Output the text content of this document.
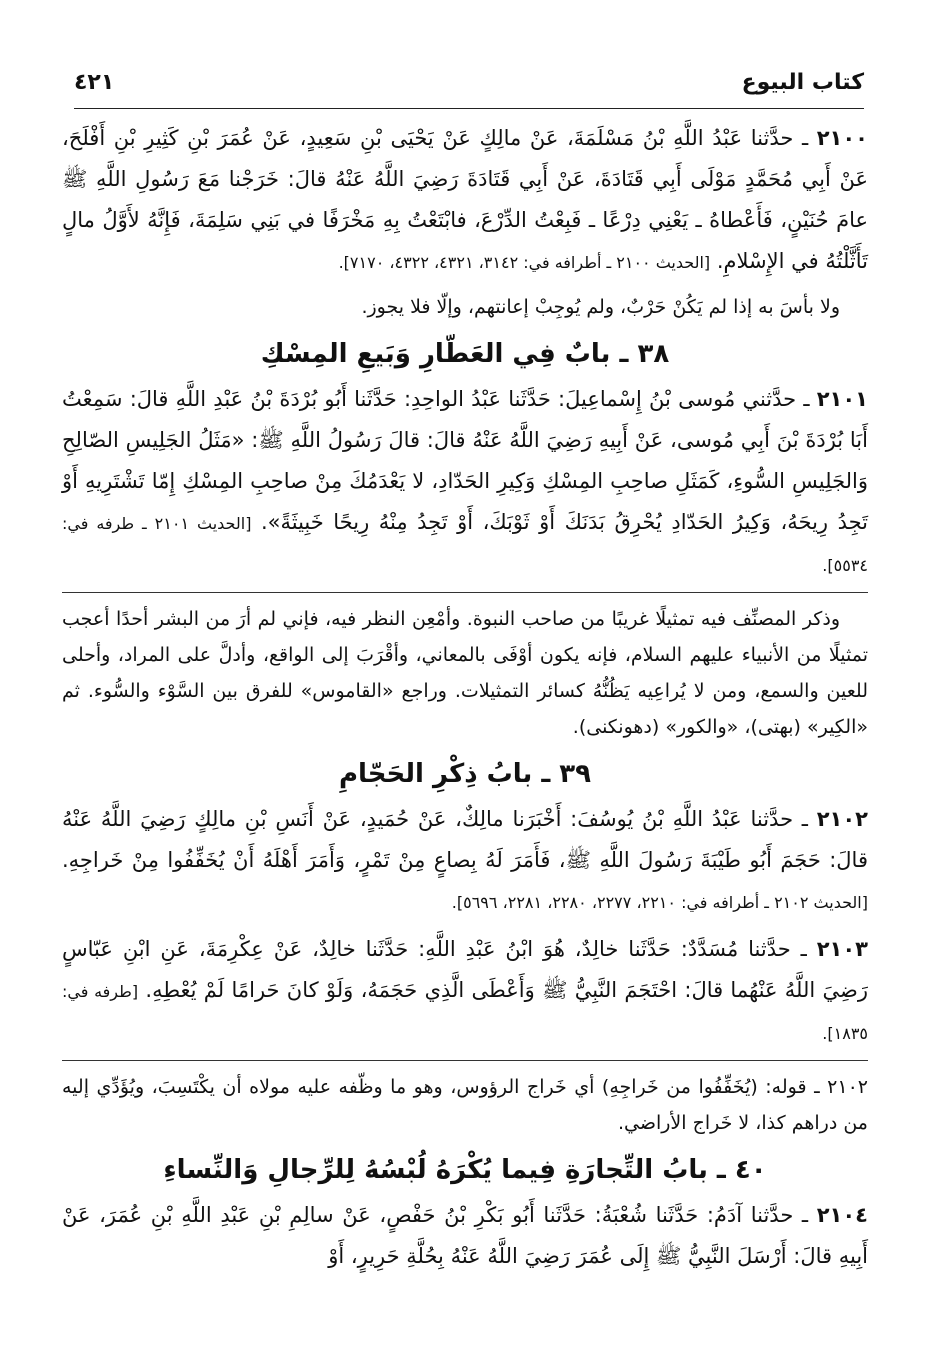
كتاب البيوع
٤٢١

٢١٠٠ ـ حدَّثنا عَبْدُ اللَّهِ بْنُ مَسْلَمَةَ، عَنْ مالِكٍ عَنْ يَحْيَى بْنِ سَعِيدٍ، عَنْ عُمَرَ بْنِ كَثِيرِ بْنِ أَفْلَحَ، عَنْ أَبِي مُحَمَّدٍ مَوْلَى أَبِي قَتَادَةَ، عَنْ أَبِي قَتَادَةَ رَضِيَ اللَّهُ عَنْهُ قالَ: خَرَجْنا مَعَ رَسُولِ اللَّهِ ﷺ عامَ حُنَيْنٍ، فَأَعْطاهُ ـ يَعْنِي دِرْعًا ـ فَبِعْتُ الدِّرْعَ، فابْتَعْتُ بِهِ مَخْرَفًا في بَنِي سَلِمَةَ، فَإِنَّهُ لأَوَّلُ مالٍ تَأَثَّلْتُهُ في الإِسْلامِ. [الحديث ٢١٠٠ ـ أطرافه في: ٣١٤٢، ٤٣٢١، ٤٣٢٢، ٧١٧٠].

ولا بأسَ به إذا لم يَكُنْ حَرْبٌ، ولم يُوجِبْ إعانتهم، وإلّا فلا يجوز.

٣٨ ـ بابٌ فِي العَطّارِ وَبَيعِ المِسْكِ

٢١٠١ ـ حدَّثني مُوسى بْنُ إِسْماعِيلَ: حَدَّثَنا عَبْدُ الواحِدِ: حَدَّثَنا أَبُو بُرْدَةَ بْنُ عَبْدِ اللَّهِ قالَ: سَمِعْتُ أَبَا بُرْدَةَ بْنَ أَبِي مُوسى، عَنْ أَبِيهِ رَضِيَ اللَّهُ عَنْهُ قالَ: قالَ رَسُولُ اللَّهِ ﷺ: «مَثَلُ الجَلِيسِ الصّالِحِ وَالجَلِيسِ السُّوءِ، كَمَثَلِ صاحِبِ المِسْكِ وَكِيرِ الحَدّادِ، لا يَعْدَمُكَ مِنْ صاحِبِ المِسْكِ إِمّا تَشْتَرِيهِ أَوْ تَجِدُ رِيحَهُ، وَكِيرُ الحَدّادِ يُحْرِقُ بَدَنَكَ أَوْ ثَوْبَكَ، أَوْ تَجِدُ مِنْهُ رِيحًا خَبِيثَةً». [الحديث ٢١٠١ ـ طرفه في: ٥٥٣٤].

وذكر المصنِّف فيه تمثيلًا غريبًا من صاحب النبوة. وأمْعِن النظر فيه، فإني لم أرَ من البشر أحدًا أعجب تمثيلًا من الأنبياء عليهم السلام، فإنه يكون أوْفَى بالمعاني، وأقْرَبَ إلى الواقع، وأدلَّ على المراد، وأحلى للعين والسمع، ومن لا يُراعِيه يَظُنُّهُ كسائر التمثيلات. وراجع «القاموس» للفرق بين السَّوْء والسُّوء. ثم «الكِير» (بهتى)، «والكور» (دهونكنى).

٣٩ ـ بابُ ذِكْرِ الحَجّامِ

٢١٠٢ ـ حدَّثنا عَبْدُ اللَّهِ بْنُ يُوسُفَ: أَخْبَرَنا مالِكٌ، عَنْ حُمَيدٍ، عَنْ أَنَسِ بْنِ مالِكٍ رَضِيَ اللَّهُ عَنْهُ قالَ: حَجَمَ أَبُو طَيْبَةَ رَسُولَ اللَّهِ ﷺ، فَأَمَرَ لَهُ بِصاعٍ مِنْ تَمْرٍ، وَأَمَرَ أَهْلَهُ أَنْ يُخَفِّفُوا مِنْ خَراجِهِ. [الحديث ٢١٠٢ ـ أطرافه في: ٢٢١٠، ٢٢٧٧، ٢٢٨٠، ٢٢٨١، ٥٦٩٦].

٢١٠٣ ـ حدَّثنا مُسَدَّدٌ: حَدَّثَنا خالِدٌ، هُوَ ابْنُ عَبْدِ اللَّهِ: حَدَّثَنا خالِدٌ، عَنْ عِكْرِمَةَ، عَنِ ابْنِ عَبّاسٍ رَضِيَ اللَّهُ عَنْهُما قالَ: احْتَجَمَ النَّبِيُّ ﷺ وَأَعْطَى الَّذِي حَجَمَهُ، وَلَوْ كانَ حَرامًا لَمْ يُعْطِهِ. [طرفه في: ١٨٣٥].

٢١٠٢ ـ قوله: (يُخَفِّفُوا من خَراجِهِ) أي خَراج الرؤوس، وهو ما وظّفه عليه مولاه أن يكْتَسِبَ، ويُؤَدِّي إليه من دراهم كذا، لا خَراج الأراضي.

٤٠ ـ بابُ التِّجارَةِ فِيما يُكْرَهُ لُبْسُهُ لِلرِّجالِ وَالنِّساءِ

٢١٠٤ ـ حدَّثنا آدَمُ: حَدَّثَنا شُعْبَةُ: حَدَّثَنا أَبُو بَكْرِ بْنُ حَفْصٍ، عَنْ سالِمِ بْنِ عَبْدِ اللَّهِ بْنِ عُمَرَ، عَنْ أَبِيهِ قالَ: أَرْسَلَ النَّبِيُّ ﷺ إِلَى عُمَرَ رَضِيَ اللَّهُ عَنْهُ بِحُلَّةِ حَرِيرٍ، أَوْ
